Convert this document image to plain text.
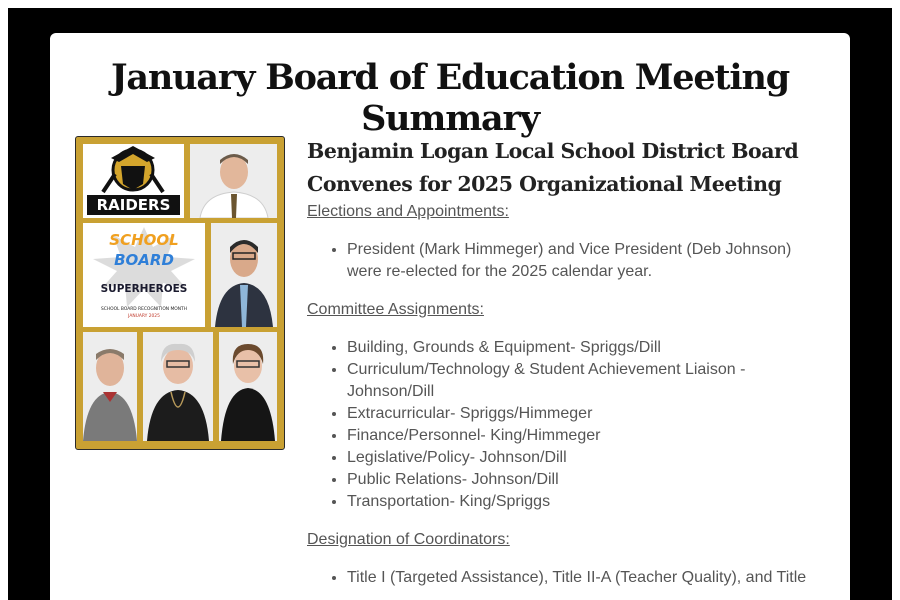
January Board of Education Meeting Summary
RAIDERS
SCHOOL
BOARD
SUPERHEROES
SCHOOL BOARD RECOGNITION MONTH
JANUARY 2025
Benjamin Logan Local School District Board Convenes for 2025 Organizational Meeting
Elections and Appointments:
• President (Mark Himmeger) and Vice President (Deb Johnson) were re-elected for the 2025 calendar year.
Committee Assignments:
• Building, Grounds & Equipment- Spriggs/Dill
• Curriculum/Technology & Student Achievement Liaison - Johnson/Dill
• Extracurricular- Spriggs/Himmeger
• Finance/Personnel- King/Himmeger
• Legislative/Policy- Johnson/Dill
• Public Relations- Johnson/Dill
• Transportation- King/Spriggs
Designation of Coordinators:
• Title I (Targeted Assistance), Title II-A (Teacher Quality), and Title
